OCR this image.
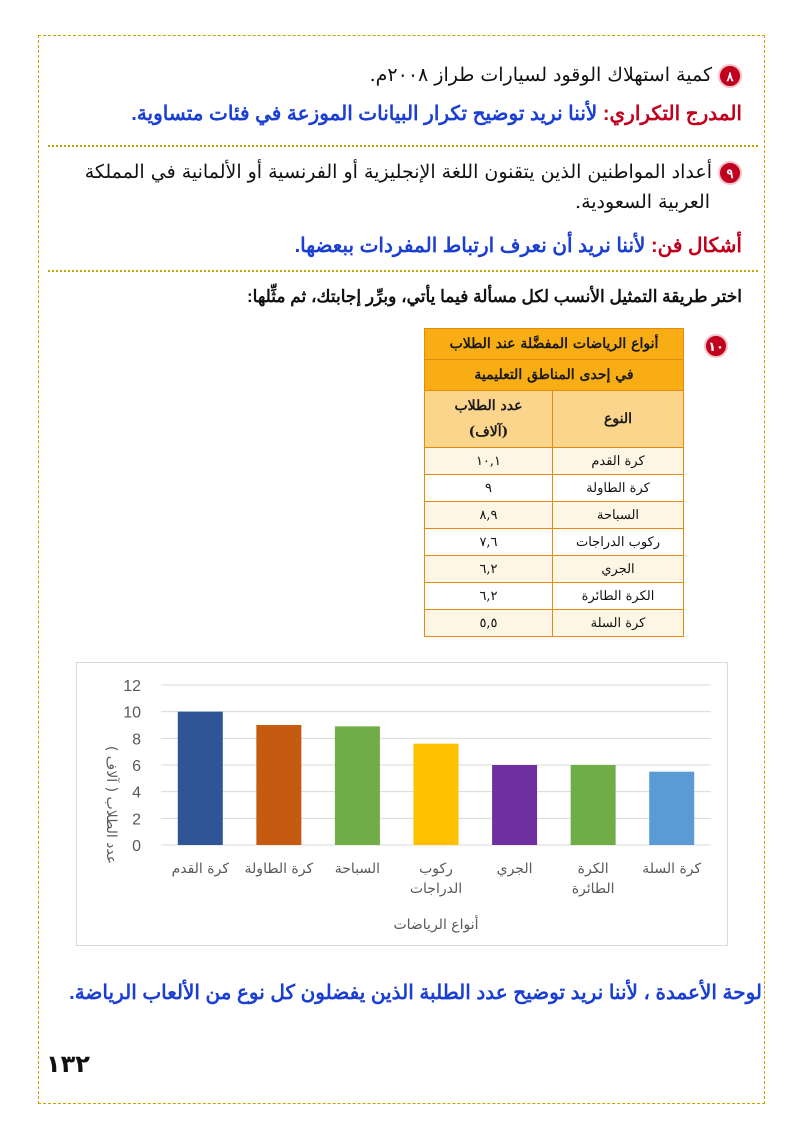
٨كمية استهلاك الوقود لسيارات طراز ٢٠٠٨م.
المدرج التكراري: لأننا نريد توضيح تكرار البيانات الموزعة في فئات متساوية.
٩أعداد المواطنين الذين يتقنون اللغة الإنجليزية أو الفرنسية أو الألمانية في المملكة
العربية السعودية.
أشكال فن: لأننا نريد أن نعرف ارتباط المفردات ببعضها.
اختر طريقة التمثيل الأنسب لكل مسألة فيما يأتي، وبرِّر إجابتك، ثم مثِّلها:
١٠
أنواع الرياضات المفضَّلة عند الطلاب	
في إحدى المناطق التعليمية	
النوع	عدد الطلاب
(آلاف)

كرة القدم	١٠,١
كرة الطاولة	٩
السباحة	٨,٩
ركوب الدراجات	٧,٦
الجري	٦,٢
الكرة الطائرة	٦,٢
كرة السلة	٥,٥
0
2
4
6
8
10
12
كرة القدم كرة الطاولة السباحة	ركوب الدراجات
الجري	الكرة الطائرة
كرة السلة
أنواع الرياضات
عدد الطلاب ( آلاف )
لوحة الأعمدة ، لأننا نريد توضيح عدد الطلبة الذين يفضلون كل نوع من الألعاب الرياضة.
١٣٢
